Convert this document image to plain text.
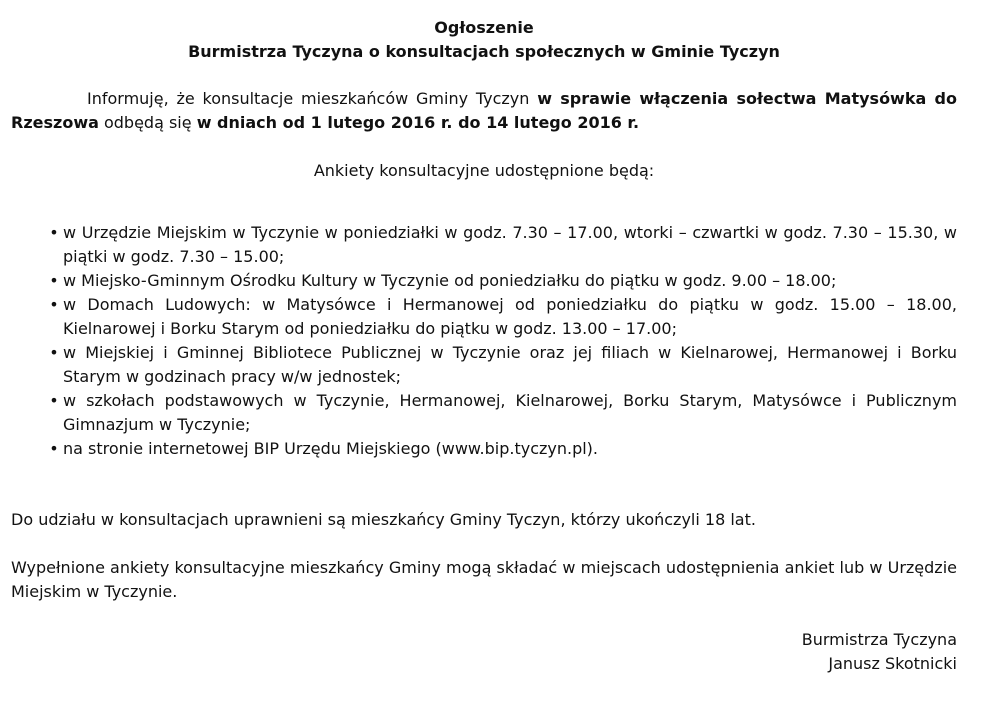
Ogłoszenie

Burmistrza Tyczyna o konsultacjach społecznych w Gminie Tyczyn

Informuję, że konsultacje mieszkańców Gminy Tyczyn w sprawie włączenia sołectwa Matysówka do Rzeszowa odbędą się w dniach od 1 lutego 2016 r. do 14 lutego 2016 r.

Ankiety konsultacyjne udostępnione będą:

• w Urzędzie Miejskim w Tyczynie w poniedziałki w godz. 7.30 – 17.00, wtorki – czwartki w godz. 7.30 – 15.30, w piątki w godz. 7.30 – 15.00;
• w Miejsko-Gminnym Ośrodku Kultury w Tyczynie od poniedziałku do piątku w godz. 9.00 – 18.00;
• w Domach Ludowych: w Matysówce i Hermanowej od poniedziałku do piątku w godz. 15.00 – 18.00, Kielnarowej i Borku Starym od poniedziałku do piątku w godz. 13.00 – 17.00;
• w Miejskiej i Gminnej Bibliotece Publicznej w Tyczynie oraz jej filiach w Kielnarowej, Hermanowej i Borku Starym w godzinach pracy w/w jednostek;
• w szkołach podstawowych w Tyczynie, Hermanowej, Kielnarowej, Borku Starym, Matysówce i Publicznym Gimnazjum w Tyczynie;
• na stronie internetowej BIP Urzędu Miejskiego (www.bip.tyczyn.pl).

Do udziału w konsultacjach uprawnieni są mieszkańcy Gminy Tyczyn, którzy ukończyli 18 lat.

Wypełnione ankiety konsultacyjne mieszkańcy Gminy mogą składać w miejscach udostępnienia ankiet lub w Urzędzie Miejskim w Tyczynie.

Burmistrza Tyczyna
Janusz Skotnicki
